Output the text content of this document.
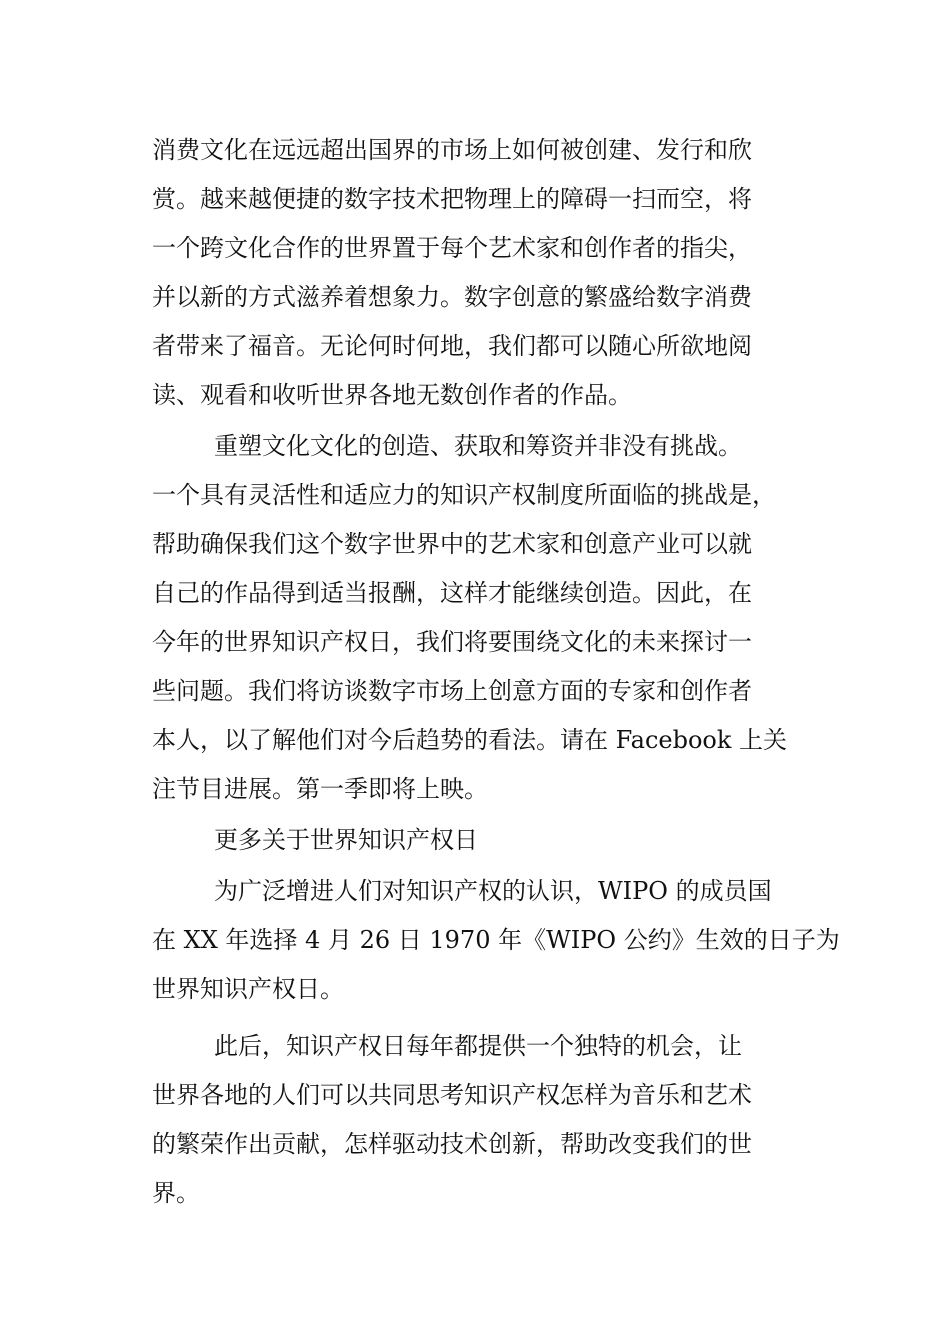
消费文化在远远超出国界的市场上如何被创建、发行和欣
赏。越来越便捷的数字技术把物理上的障碍一扫而空，将
一个跨文化合作的世界置于每个艺术家和创作者的指尖，
并以新的方式滋养着想象力。数字创意的繁盛给数字消费
者带来了福音。无论何时何地，我们都可以随心所欲地阅
读、观看和收听世界各地无数创作者的作品。
重塑文化文化的创造、获取和筹资并非没有挑战。
一个具有灵活性和适应力的知识产权制度所面临的挑战是，
帮助确保我们这个数字世界中的艺术家和创意产业可以就
自己的作品得到适当报酬，这样才能继续创造。因此，在
今年的世界知识产权日，我们将要围绕文化的未来探讨一
些问题。我们将访谈数字市场上创意方面的专家和创作者
本人，以了解他们对今后趋势的看法。请在 Facebook 上关
注节目进展。第一季即将上映。
更多关于世界知识产权日
为广泛增进人们对知识产权的认识，WIPO 的成员国
在 XX 年选择 4 月 26 日 1970 年《WIPO 公约》生效的日子为
世界知识产权日。
此后，知识产权日每年都提供一个独特的机会，让
世界各地的人们可以共同思考知识产权怎样为音乐和艺术
的繁荣作出贡献，怎样驱动技术创新，帮助改变我们的世
界。
